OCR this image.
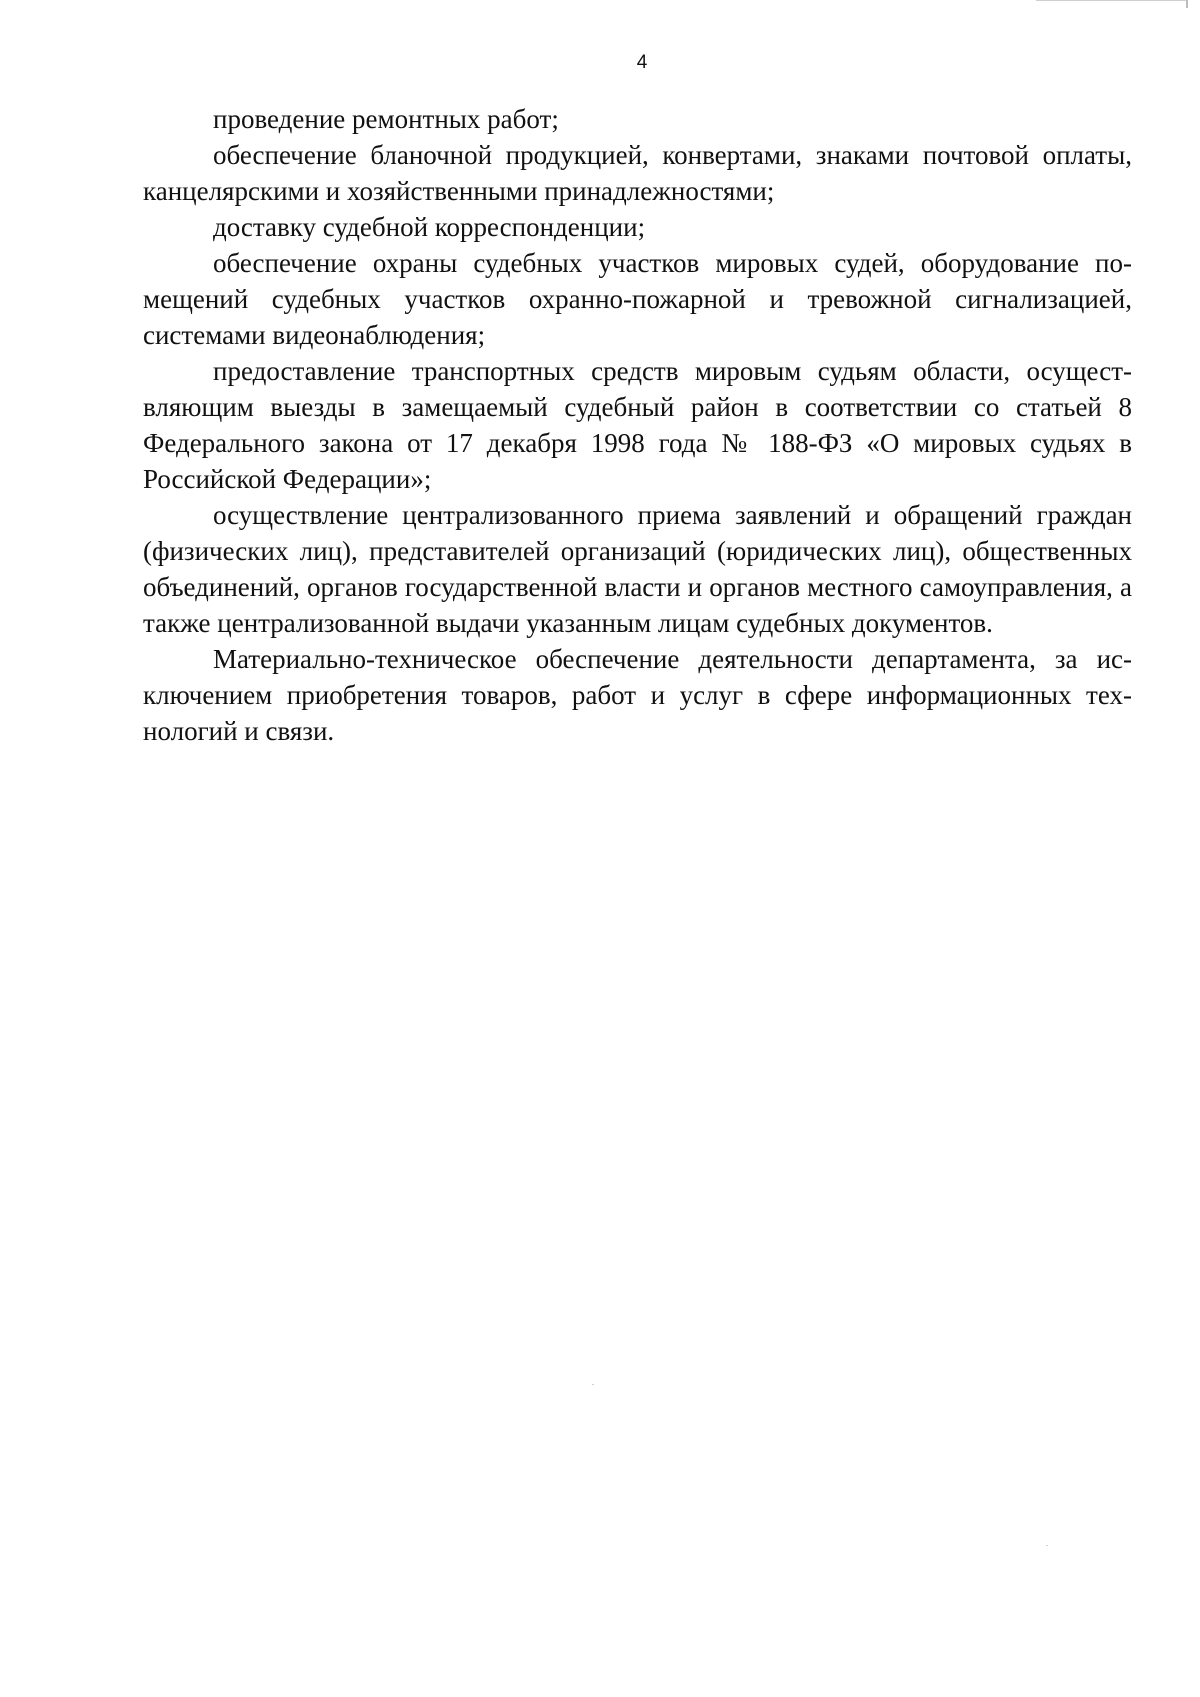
4

проведение ремонтных работ;

обеспечение бланочной продукцией, конвертами, знаками почтовой оплаты, канцелярскими и хозяйственными принадлежностями;

доставку судебной корреспонденции;

обеспечение охраны судебных участков мировых судей, оборудование помещений судебных участков охранно-пожарной и тревожной сигнализацией, системами видеонаблюдения;

предоставление транспортных средств мировым судьям области, осуществляющим выезды в замещаемый судебный район в соответствии со статьей 8 Федерального закона от 17 декабря 1998 года № 188-ФЗ «О мировых судьях в Российской Федерации»;

осуществление централизованного приема заявлений и обращений граждан (физических лиц), представителей организаций (юридических лиц), общественных объединений, органов государственной власти и органов местного самоуправления, а также централизованной выдачи указанным лицам судебных документов.

Материально-техническое обеспечение деятельности департамента, за исключением приобретения товаров, работ и услуг в сфере информационных технологий и связи.
